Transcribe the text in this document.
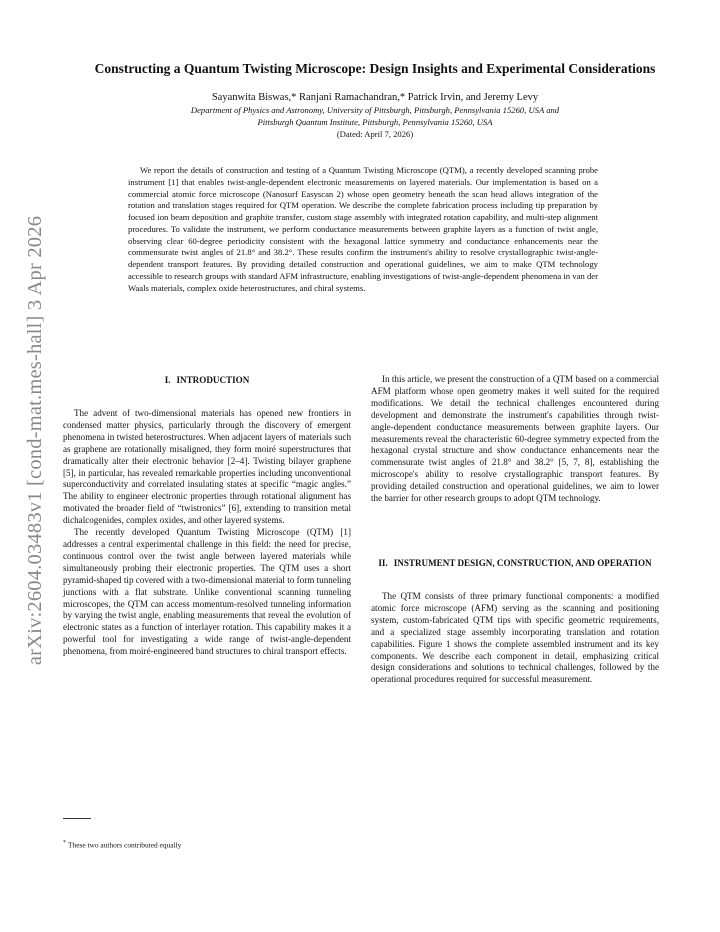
arXiv:2604.03483v1 [cond-mat.mes-hall] 3 Apr 2026
Constructing a Quantum Twisting Microscope: Design Insights and Experimental Considerations
Sayanwita Biswas,* Ranjani Ramachandran,* Patrick Irvin, and Jeremy Levy
Department of Physics and Astronomy, University of Pittsburgh, Pittsburgh, Pennsylvania 15260, USA and
Pittsburgh Quantum Institute, Pittsburgh, Pennsylvania 15260, USA
(Dated: April 7, 2026)

We report the details of construction and testing of a Quantum Twisting Microscope (QTM), a recently developed scanning probe instrument [1] that enables twist-angle-dependent electronic measurements on layered materials. Our implementation is based on a commercial atomic force microscope (Nanosurf Easyscan 2) whose open geometry beneath the scan head allows integration of the rotation and translation stages required for QTM operation. We describe the complete fabrication process including tip preparation by focused ion beam deposition and graphite transfer, custom stage assembly with integrated rotation capability, and multi-step alignment procedures. To validate the instrument, we perform conductance measurements between graphite layers as a function of twist angle, observing clear 60-degree periodicity consistent with the hexagonal lattice symmetry and conductance enhancements near the commensurate twist angles of 21.8° and 38.2°. These results confirm the instrument's ability to resolve crystallographic twist-angle-dependent transport features. By providing detailed construction and operational guidelines, we aim to make QTM technology accessible to research groups with standard AFM infrastructure, enabling investigations of twist-angle-dependent phenomena in van der Waals materials, complex oxide heterostructures, and chiral systems.

I. INTRODUCTION

The advent of two-dimensional materials has opened new frontiers in condensed matter physics, particularly through the discovery of emergent phenomena in twisted heterostructures. When adjacent layers of materials such as graphene are rotationally misaligned, they form moiré superstructures that dramatically alter their electronic behavior [2–4]. Twisting bilayer graphene [5], in particular, has revealed remarkable properties including unconventional superconductivity and correlated insulating states at specific “magic angles.” The ability to engineer electronic properties through rotational alignment has motivated the broader field of “twistronics” [6], extending to transition metal dichalcogenides, complex oxides, and other layered systems.

The recently developed Quantum Twisting Microscope (QTM) [1] addresses a central experimental challenge in this field: the need for precise, continuous control over the twist angle between layered materials while simultaneously probing their electronic properties. The QTM uses a short pyramid-shaped tip covered with a two-dimensional material to form tunneling junctions with a flat substrate. Unlike conventional scanning tunneling microscopes, the QTM can access momentum-resolved tunneling information by varying the twist angle, enabling measurements that reveal the evolution of electronic states as a function of interlayer rotation. This capability makes it a powerful tool for investigating a wide range of twist-angle-dependent phenomena, from moiré-engineered band structures to chiral transport effects.

In this article, we present the construction of a QTM based on a commercial AFM platform whose open geometry makes it well suited for the required modifications. We detail the technical challenges encountered during development and demonstrate the instrument's capabilities through twist-angle-dependent conductance measurements between graphite layers. Our measurements reveal the characteristic 60-degree symmetry expected from the hexagonal crystal structure and show conductance enhancements near the commensurate twist angles of 21.8° and 38.2° [5, 7, 8], establishing the microscope's ability to resolve crystallographic transport features. By providing detailed construction and operational guidelines, we aim to lower the barrier for other research groups to adopt QTM technology.

II. INSTRUMENT DESIGN, CONSTRUCTION, AND OPERATION

The QTM consists of three primary functional components: a modified atomic force microscope (AFM) serving as the scanning and positioning system, custom-fabricated QTM tips with specific geometric requirements, and a specialized stage assembly incorporating translation and rotation capabilities. Figure 1 shows the complete assembled instrument and its key components. We describe each component in detail, emphasizing critical design considerations and solutions to technical challenges, followed by the operational procedures required for successful measurement.

* These two authors contributed equally
